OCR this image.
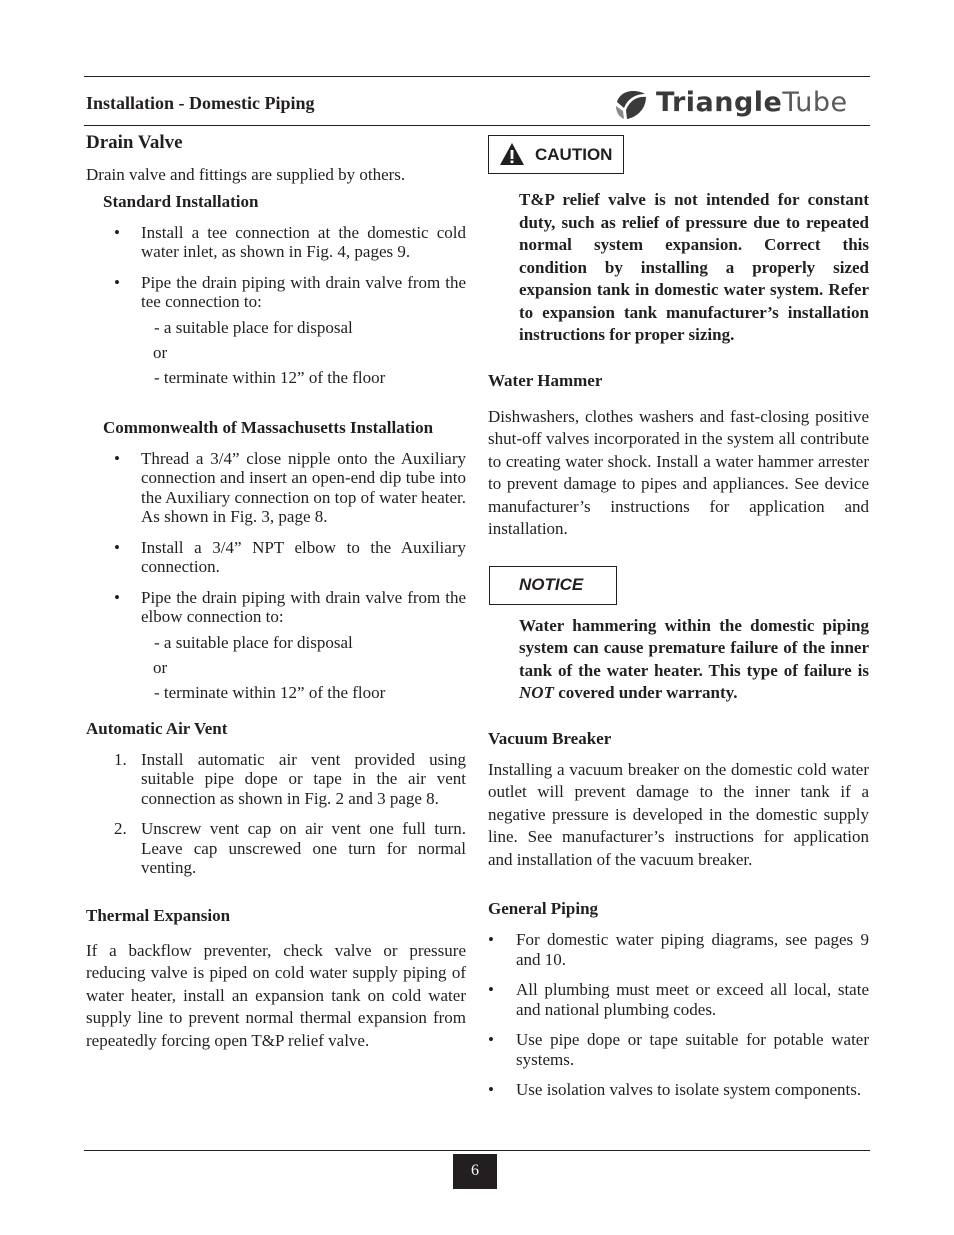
Installation - Domestic Piping	TriangleTube
Drain Valve

Drain valve and fittings are supplied by others.

Standard Installation
• Install a tee connection at the domestic cold water inlet, as shown in Fig. 4, pages 9.
• Pipe the drain piping with drain valve from the tee connection to:
- a suitable place for disposal
or
- terminate within 12” of the floor
Commonwealth of Massachusetts Installation
• Thread a 3/4” close nipple onto the Auxiliary connection and insert an open-end dip tube into the Auxiliary connection on top of water heater. As shown in Fig. 3, page 8.
• Install a 3/4” NPT elbow to the Auxiliary connection.
• Pipe the drain piping with drain valve from the elbow connection to:
- a suitable place for disposal
or
- terminate within 12” of the floor
Automatic Air Vent
1. Install automatic air vent provided using suitable pipe dope or tape in the air vent connection as shown in Fig. 2 and 3 page 8.
2. Unscrew vent cap on air vent one full turn. Leave cap unscrewed one turn for normal venting.
Thermal Expansion

If a backflow preventer, check valve or pressure reducing valve is piped on cold water supply piping of water heater, install an expansion tank on cold water supply line to prevent normal thermal expansion from repeatedly forcing open T&P relief valve.

CAUTION
T&P relief valve is not intended for constant duty, such as relief of pressure due to repeated normal system expansion. Correct this condition by installing a properly sized expansion tank in domestic water system. Refer to expansion tank manufacturer’s installation instructions for proper sizing.
Water Hammer

Dishwashers, clothes washers and fast-closing positive shut-off valves incorporated in the system all contribute to creating water shock. Install a water hammer arrester to prevent damage to pipes and appliances. See device manufacturer’s instructions for application and installation.

NOTICE
Water hammering within the domestic piping system can cause premature failure of the inner tank of the water heater. This type of failure is NOT covered under warranty.
Vacuum Breaker

Installing a vacuum breaker on the domestic cold water outlet will prevent damage to the inner tank if a negative pressure is developed in the domestic supply line. See manufacturer’s instructions for application and installation of the vacuum breaker.

General Piping
• For domestic water piping diagrams, see pages 9 and 10.
• All plumbing must meet or exceed all local, state and national plumbing codes.
• Use pipe dope or tape suitable for potable water systems.
• Use isolation valves to isolate system components.
6
